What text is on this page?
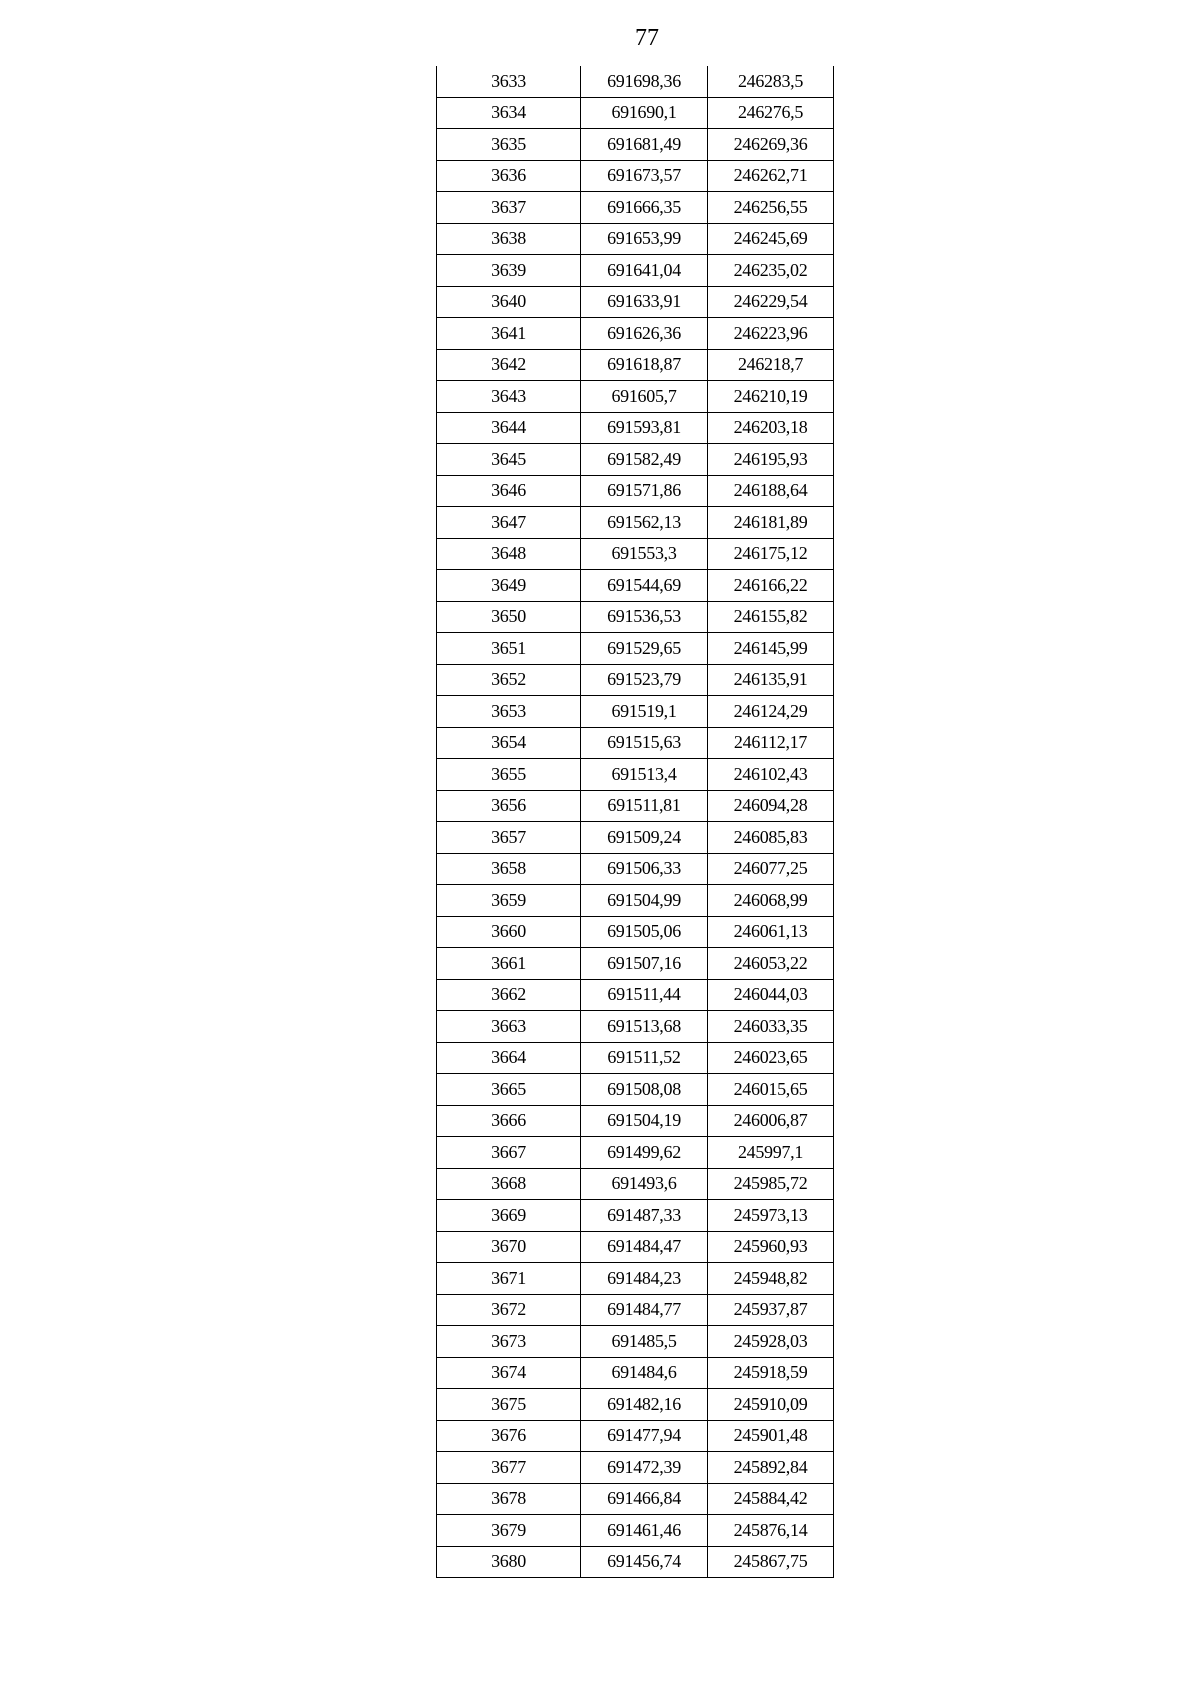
77
3633	691698,36	246283,5
3634	691690,1	246276,5
3635	691681,49	246269,36
3636	691673,57	246262,71
3637	691666,35	246256,55
3638	691653,99	246245,69
3639	691641,04	246235,02
3640	691633,91	246229,54
3641	691626,36	246223,96
3642	691618,87	246218,7
3643	691605,7	246210,19
3644	691593,81	246203,18
3645	691582,49	246195,93
3646	691571,86	246188,64
3647	691562,13	246181,89
3648	691553,3	246175,12
3649	691544,69	246166,22
3650	691536,53	246155,82
3651	691529,65	246145,99
3652	691523,79	246135,91
3653	691519,1	246124,29
3654	691515,63	246112,17
3655	691513,4	246102,43
3656	691511,81	246094,28
3657	691509,24	246085,83
3658	691506,33	246077,25
3659	691504,99	246068,99
3660	691505,06	246061,13
3661	691507,16	246053,22
3662	691511,44	246044,03
3663	691513,68	246033,35
3664	691511,52	246023,65
3665	691508,08	246015,65
3666	691504,19	246006,87
3667	691499,62	245997,1
3668	691493,6	245985,72
3669	691487,33	245973,13
3670	691484,47	245960,93
3671	691484,23	245948,82
3672	691484,77	245937,87
3673	691485,5	245928,03
3674	691484,6	245918,59
3675	691482,16	245910,09
3676	691477,94	245901,48
3677	691472,39	245892,84
3678	691466,84	245884,42
3679	691461,46	245876,14
3680	691456,74	245867,75
